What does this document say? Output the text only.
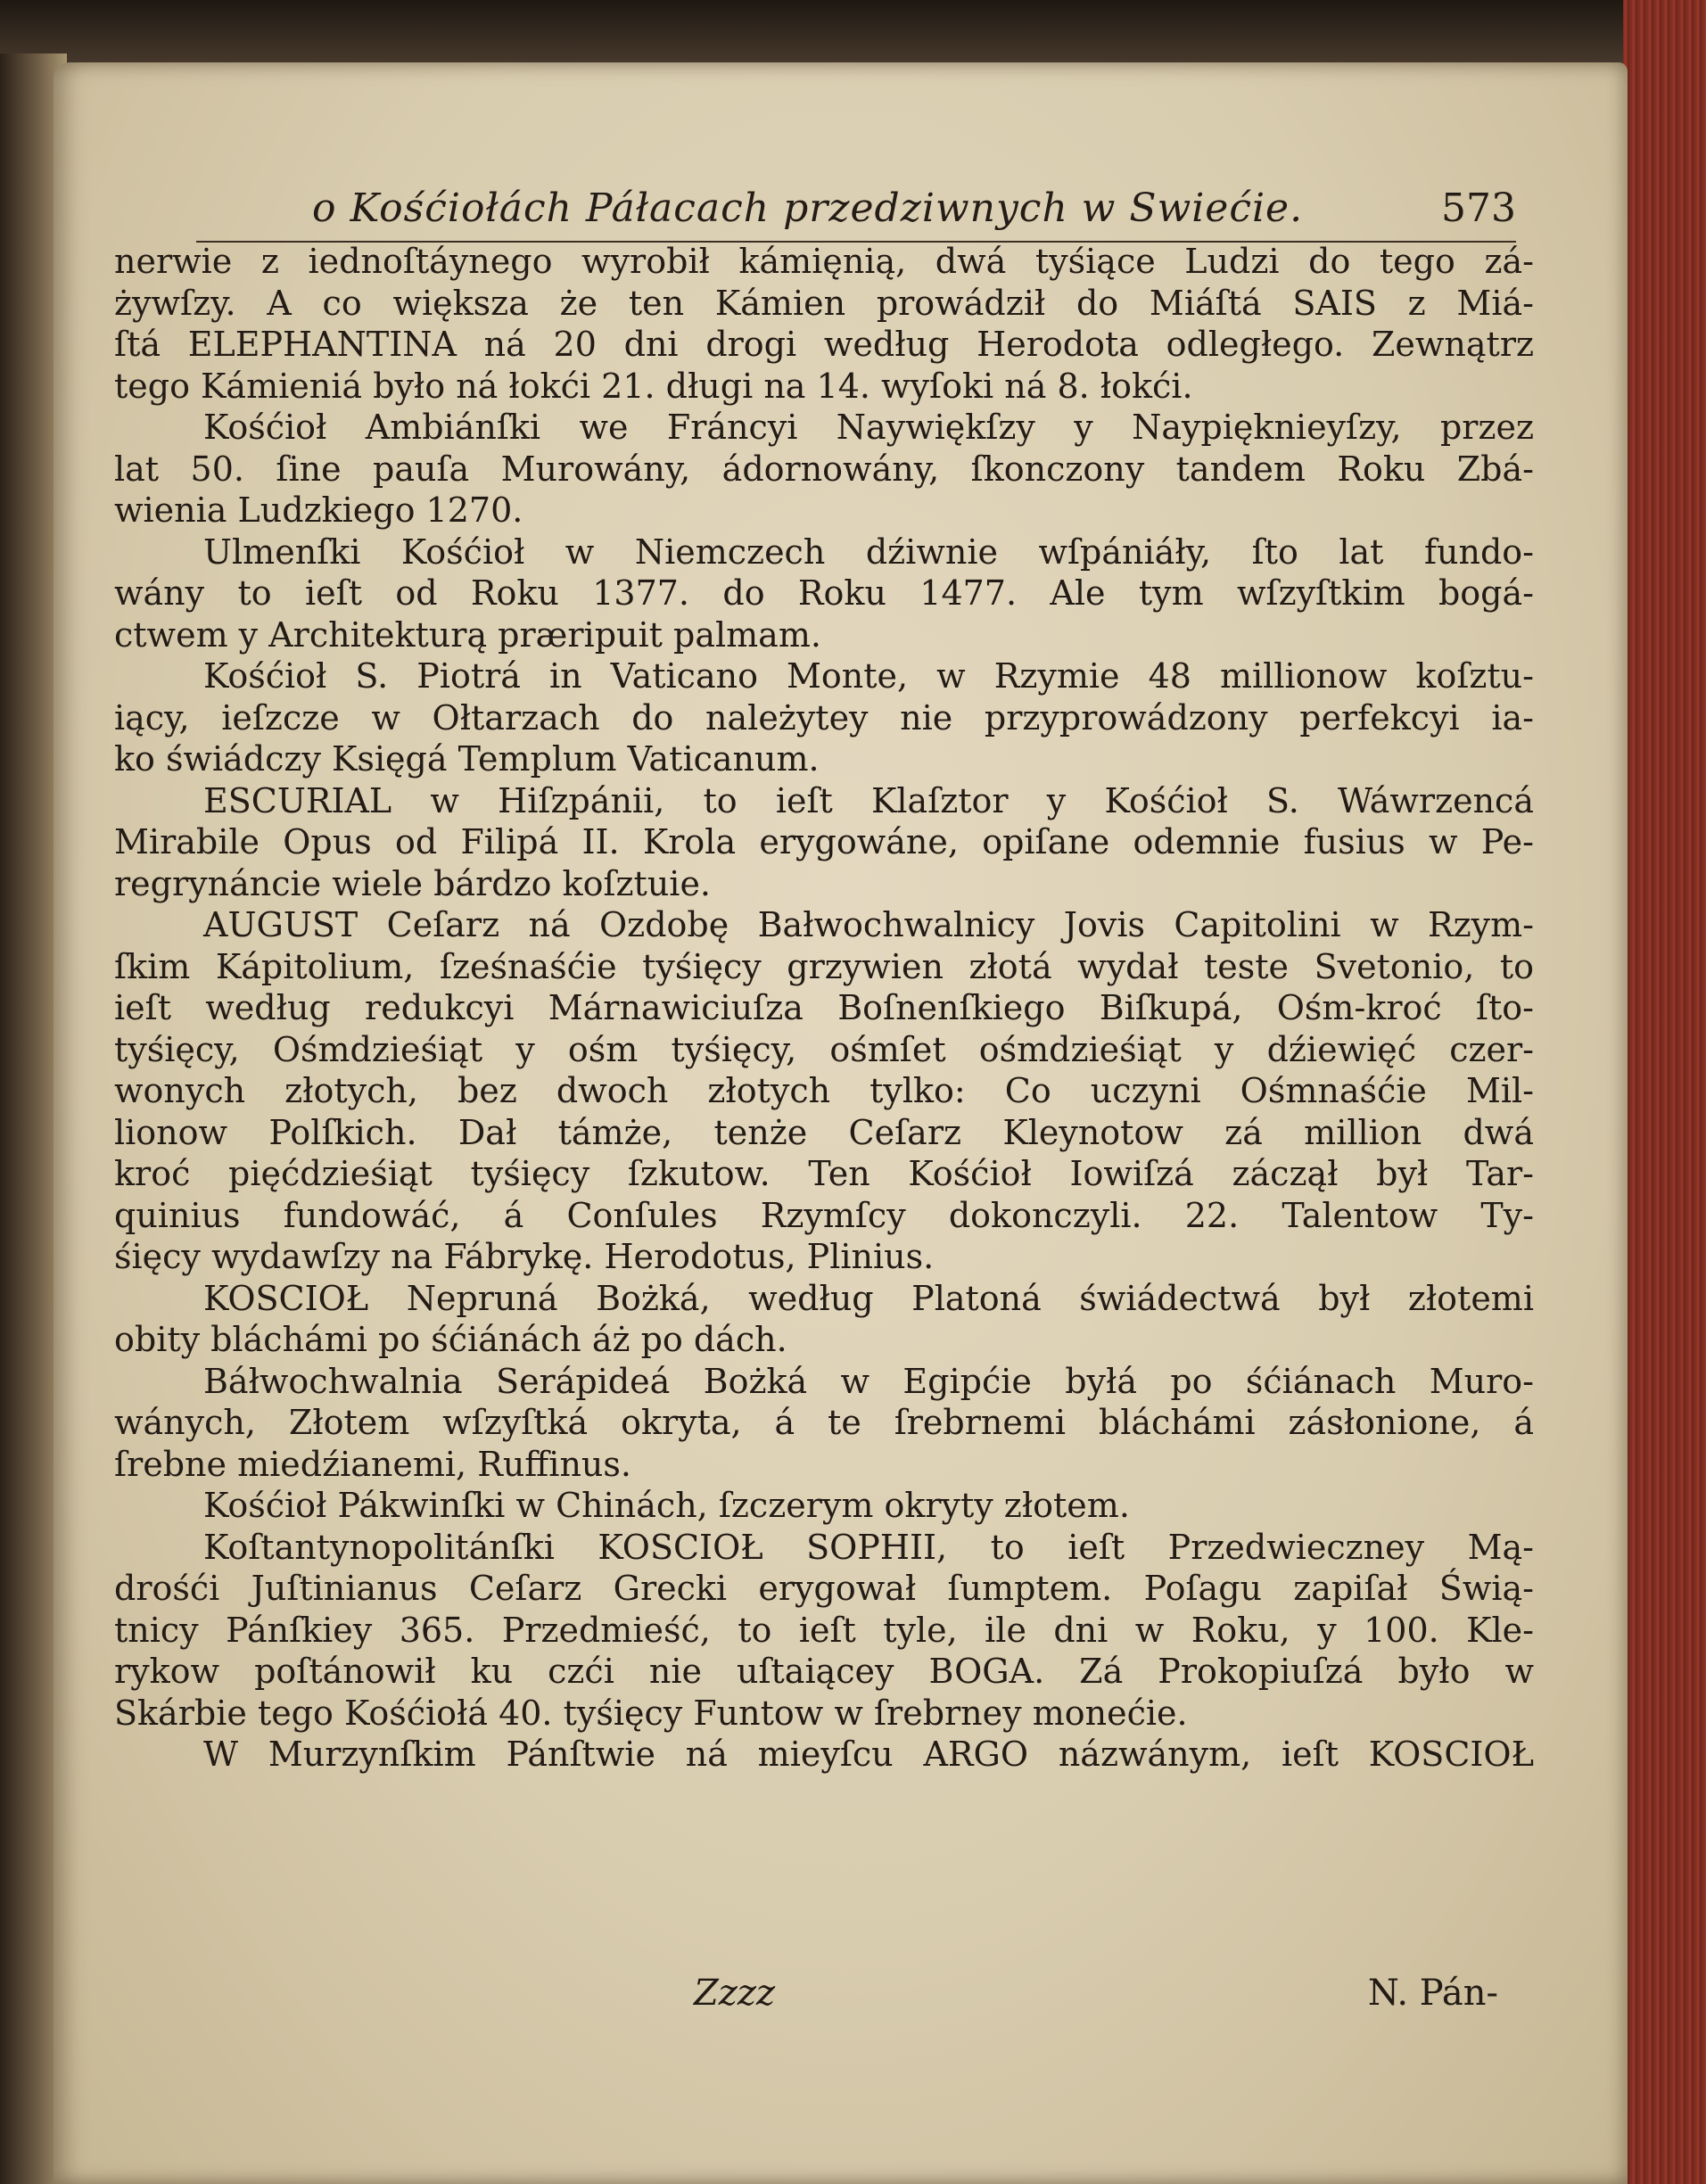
o Kośćiołách Páłacach przedziwnych w Swiećie.	573
nerwie z iednoſtáynego wyrobił kámięnią, dwá tyśiące Ludzi do tego zá-
żywſzy. A co większa że ten Kámien prowádził do Miáſtá SAIS z Miá-
ſtá ELEPHANTINA ná 20 dni drogi według Herodota odległego. Zewnątrz
tego Kámieniá było ná łokći 21. długi na 14. wyſoki ná 8. łokći.
Kośćioł Ambiánſki we Fráncyi Naywiękſzy y Naypięknieyſzy, przez
lat 50. ſine pauſa Murowány, ádornowány, ſkonczony tandem Roku Zbá-
wienia Ludzkiego 1270.
Ulmenſki Kośćioł w Niemczech dźiwnie wſpániáły, ſto lat fundo-
wány to ieſt od Roku 1377. do Roku 1477. Ale tym wſzyſtkim bogá-
ctwem y Architekturą præripuit palmam.
Kośćioł S. Piotrá in Vaticano Monte, w Rzymie 48 millionow koſztu-
iący, ieſzcze w Ołtarzach do należytey nie przyprowádzony perfekcyi ia-
ko świádczy Księgá Templum Vaticanum.
ESCURIAL w Hiſzpánii, to ieſt Klaſztor y Kośćioł S. Wáwrzencá
Mirabile Opus od Filipá II. Krola erygowáne, opiſane odemnie fusius w Pe-
regrynáncie wiele bárdzo koſztuie.
AUGUST Ceſarz ná Ozdobę Bałwochwalnicy Jovis Capitolini w Rzym-
ſkim Kápitolium, ſześnaśćie tyśięcy grzywien złotá wydał teste Svetonio, to
ieſt według redukcyi Márnawiciuſza Boſnenſkiego Biſkupá, Ośm-kroć ſto-
tyśięcy, Ośmdzieśiąt y ośm tyśięcy, ośmſet ośmdzieśiąt y dźiewięć czer-
wonych złotych, bez dwoch złotych tylko: Co uczyni Ośmnaśćie Mil-
lionow Polſkich. Dał támże, tenże Ceſarz Kleynotow zá million dwá
kroć pięćdzieśiąt tyśięcy ſzkutow. Ten Kośćioł Iowiſzá záczął był Tar-
quinius fundowáć, á Conſules Rzymſcy dokonczyli. 22. Talentow Ty-
śięcy wydawſzy na Fábrykę. Herodotus, Plinius.
KOSCIOŁ Nepruná Bożká, według Platoná świádectwá był złotemi
obity bláchámi po śćiánách áż po dách.
Báłwochwalnia Serápideá Bożká w Egipćie byłá po śćiánach Muro-
wánych, Złotem wſzyſtká okryta, á te ſrebrnemi bláchámi zásłonione, á
ſrebne miedźianemi, Ruffinus.
Kośćioł Pákwinſki w Chinách, ſzczerym okryty złotem.
Koſtantynopolitánſki KOSCIOŁ SOPHII, to ieſt Przedwieczney Mą-
drośći Juſtinianus Ceſarz Grecki erygował ſumptem. Poſagu zapiſał Świą-
tnicy Pánſkiey 365. Przedmieść, to ieſt tyle, ile dni w Roku, y 100. Kle-
rykow poſtánowił ku czći nie uſtaiącey BOGA. Zá Prokopiuſzá było w
Skárbie tego Kośćiołá 40. tyśięcy Funtow w ſrebrney monećie.
W Murzynſkim Pánſtwie ná mieyſcu ARGO názwánym, ieſt KOSCIOŁ
Zzzz	N. Pán-
